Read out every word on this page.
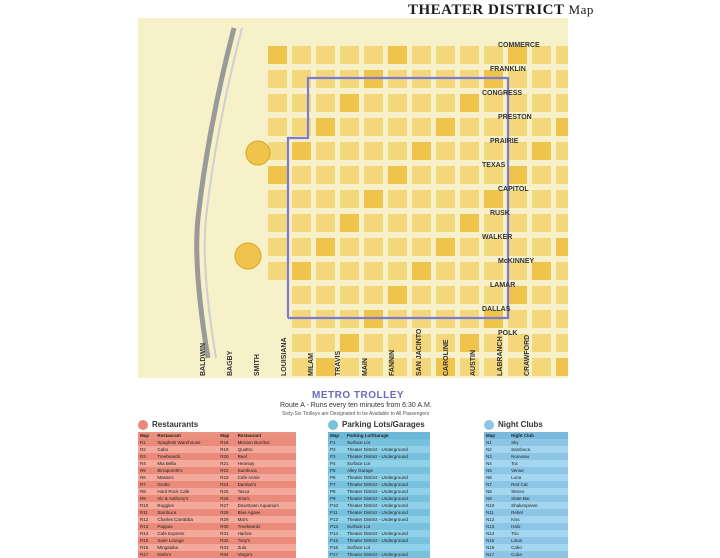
THEATER DISTRICT Map
COMMERCE
FRANKLIN
CONGRESS
PRESTON
PRAIRIE
TEXAS
CAPITOL
RUSK
WALKER
McKINNEY
LAMAR
DALLAS
POLK
BALDWIN	BAGBY	SMITH	LOUISIANA	MILAM	TRAVIS	MAIN	FANNIN	SAN JACINTO	CAROLINE	AUSTIN	LABRANCH	CRAWFORD
METRO TROLLEY
Route A - Runs every ten minutes from 6:30 A.M.
Sixty-Six Trolleys are Designated to be Available to All Passengers
Restaurants
Map	Restaurant	Map	Restaurant
R1	Spaghetti Warehouse	R18	Mission Burritos
R2	Cabo	R19	Quattro
R3	Treebeards	R20	Reef
R4	Mia Bella	R21	Hearsay
R5	Birraporetti's	R22	Sambuca
R6	Massa's	R23	Cafe Annie
R7	Grotto	R24	Damian's
R8	Hard Rock Cafe	R25	Tasca
R9	Vic & Anthony's	R26	Irma's
R10	Ruggles	R27	Downtown Aquarium
R11	Sambuca	R28	Blue Agave
R12	Charles Carrabba	R29	Mai's
R13	Pappas	R30	Treebeards
R14	Cafe Express	R31	Harlow
R15	Sake Lounge	R32	Tony's
R16	Mingalaba	R33	Zula
R17	Ninfa's	R34	Vargo's
Parking Lots/Garages
Map	Parking Lot/Garage
P1	Surface Lot
P2	Theater District - Underground
P3	Theater District - Underground
P4	Surface Lot
P5	Alley Garage
P6	Theater District - Underground
P7	Theater District - Underground
P8	Theater District - Underground
P9	Theater District - Underground
P10	Theater District - Underground
P11	Theater District - Underground
P12	Theater District - Underground
P13	Surface Lot
P14	Theater District - Underground
P15	Theater District - Underground
P16	Surface Lot
P17	Theater District - Underground
Night Clubs
Map	Night Club
N1	Sky
N2	Sambuca
N3	Nouveau
N4	Toc
N5	Venue
N6	Luna
N7	Red Cat
N8	Stereo
N9	State Bar
N10	Shakespeare
N11	Rebel
N12	Kiss
N13	Halo
N14	Trio
N15	Lotus
N16	Cabo
N17	Cuba
